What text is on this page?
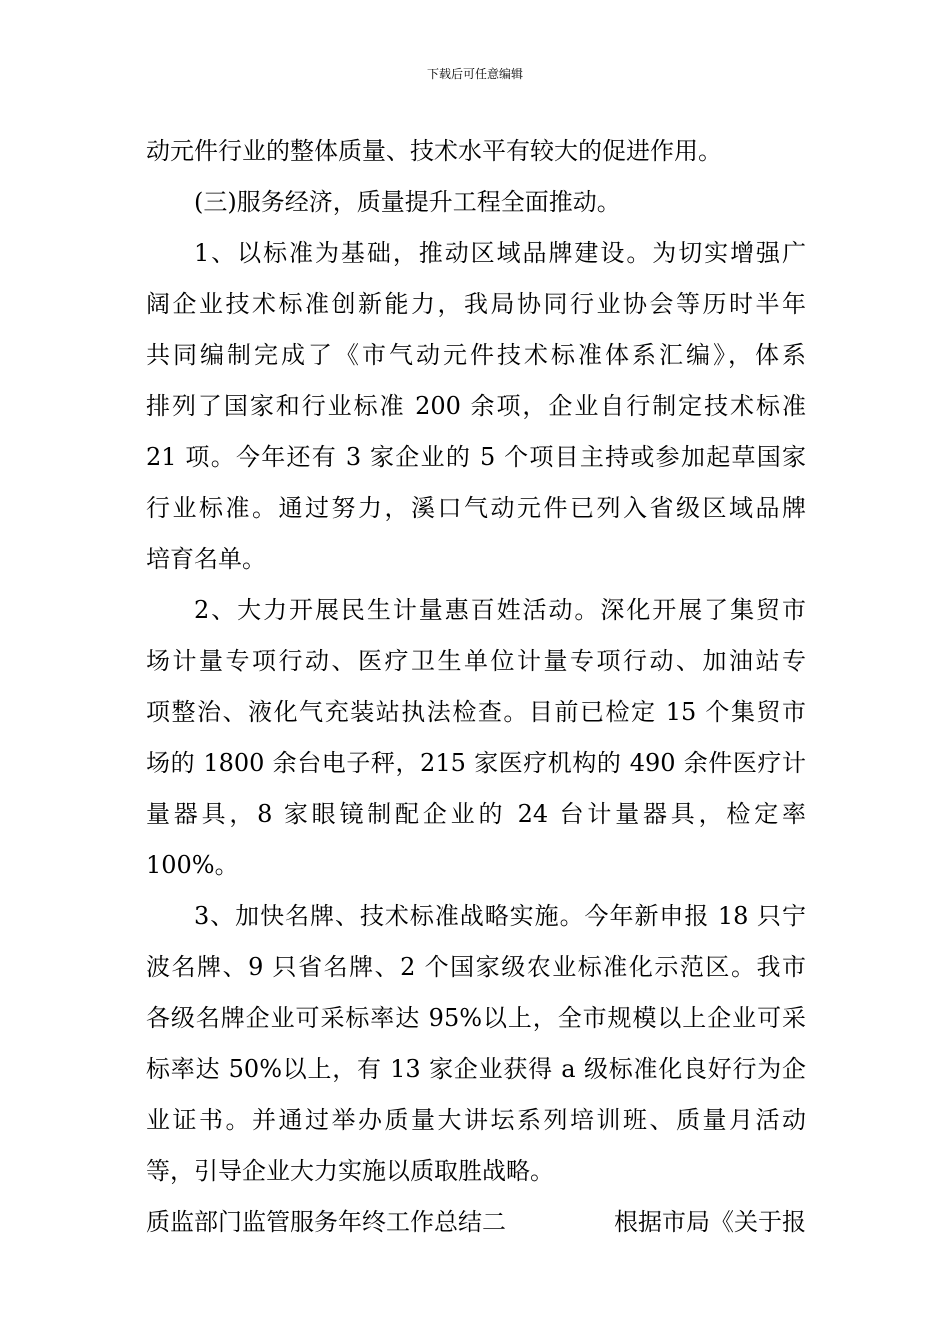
下载后可任意编辑
动元件行业的整体质量、技术水平有较大的促进作用。
(三)服务经济，质量提升工程全面推动。
1、以标准为基础，推动区域品牌建设。为切实增强广
阔企业技术标准创新能力，我局协同行业协会等历时半年
共同编制完成了《市气动元件技术标准体系汇编》，体系
排列了国家和行业标准 200 余项，企业自行制定技术标准
21 项。今年还有 3 家企业的 5 个项目主持或参加起草国家
行业标准。通过努力，溪口气动元件已列入省级区域品牌
培育名单。
2、大力开展民生计量惠百姓活动。深化开展了集贸市
场计量专项行动、医疗卫生单位计量专项行动、加油站专
项整治、液化气充装站执法检查。目前已检定 15 个集贸市
场的 1800 余台电子秤，215 家医疗机构的 490 余件医疗计
量器具，8 家眼镜制配企业的 24 台计量器具，检定率
100%。
3、加快名牌、技术标准战略实施。今年新申报 18 只宁
波名牌、9 只省名牌、2 个国家级农业标准化示范区。我市
各级名牌企业可采标率达 95%以上，全市规模以上企业可采
标率达 50%以上，有 13 家企业获得 a 级标准化良好行为企
业证书。并通过举办质量大讲坛系列培训班、质量月活动
等，引导企业大力实施以质取胜战略。
质监部门监管服务年终工作总结二	根据市局《关于报
